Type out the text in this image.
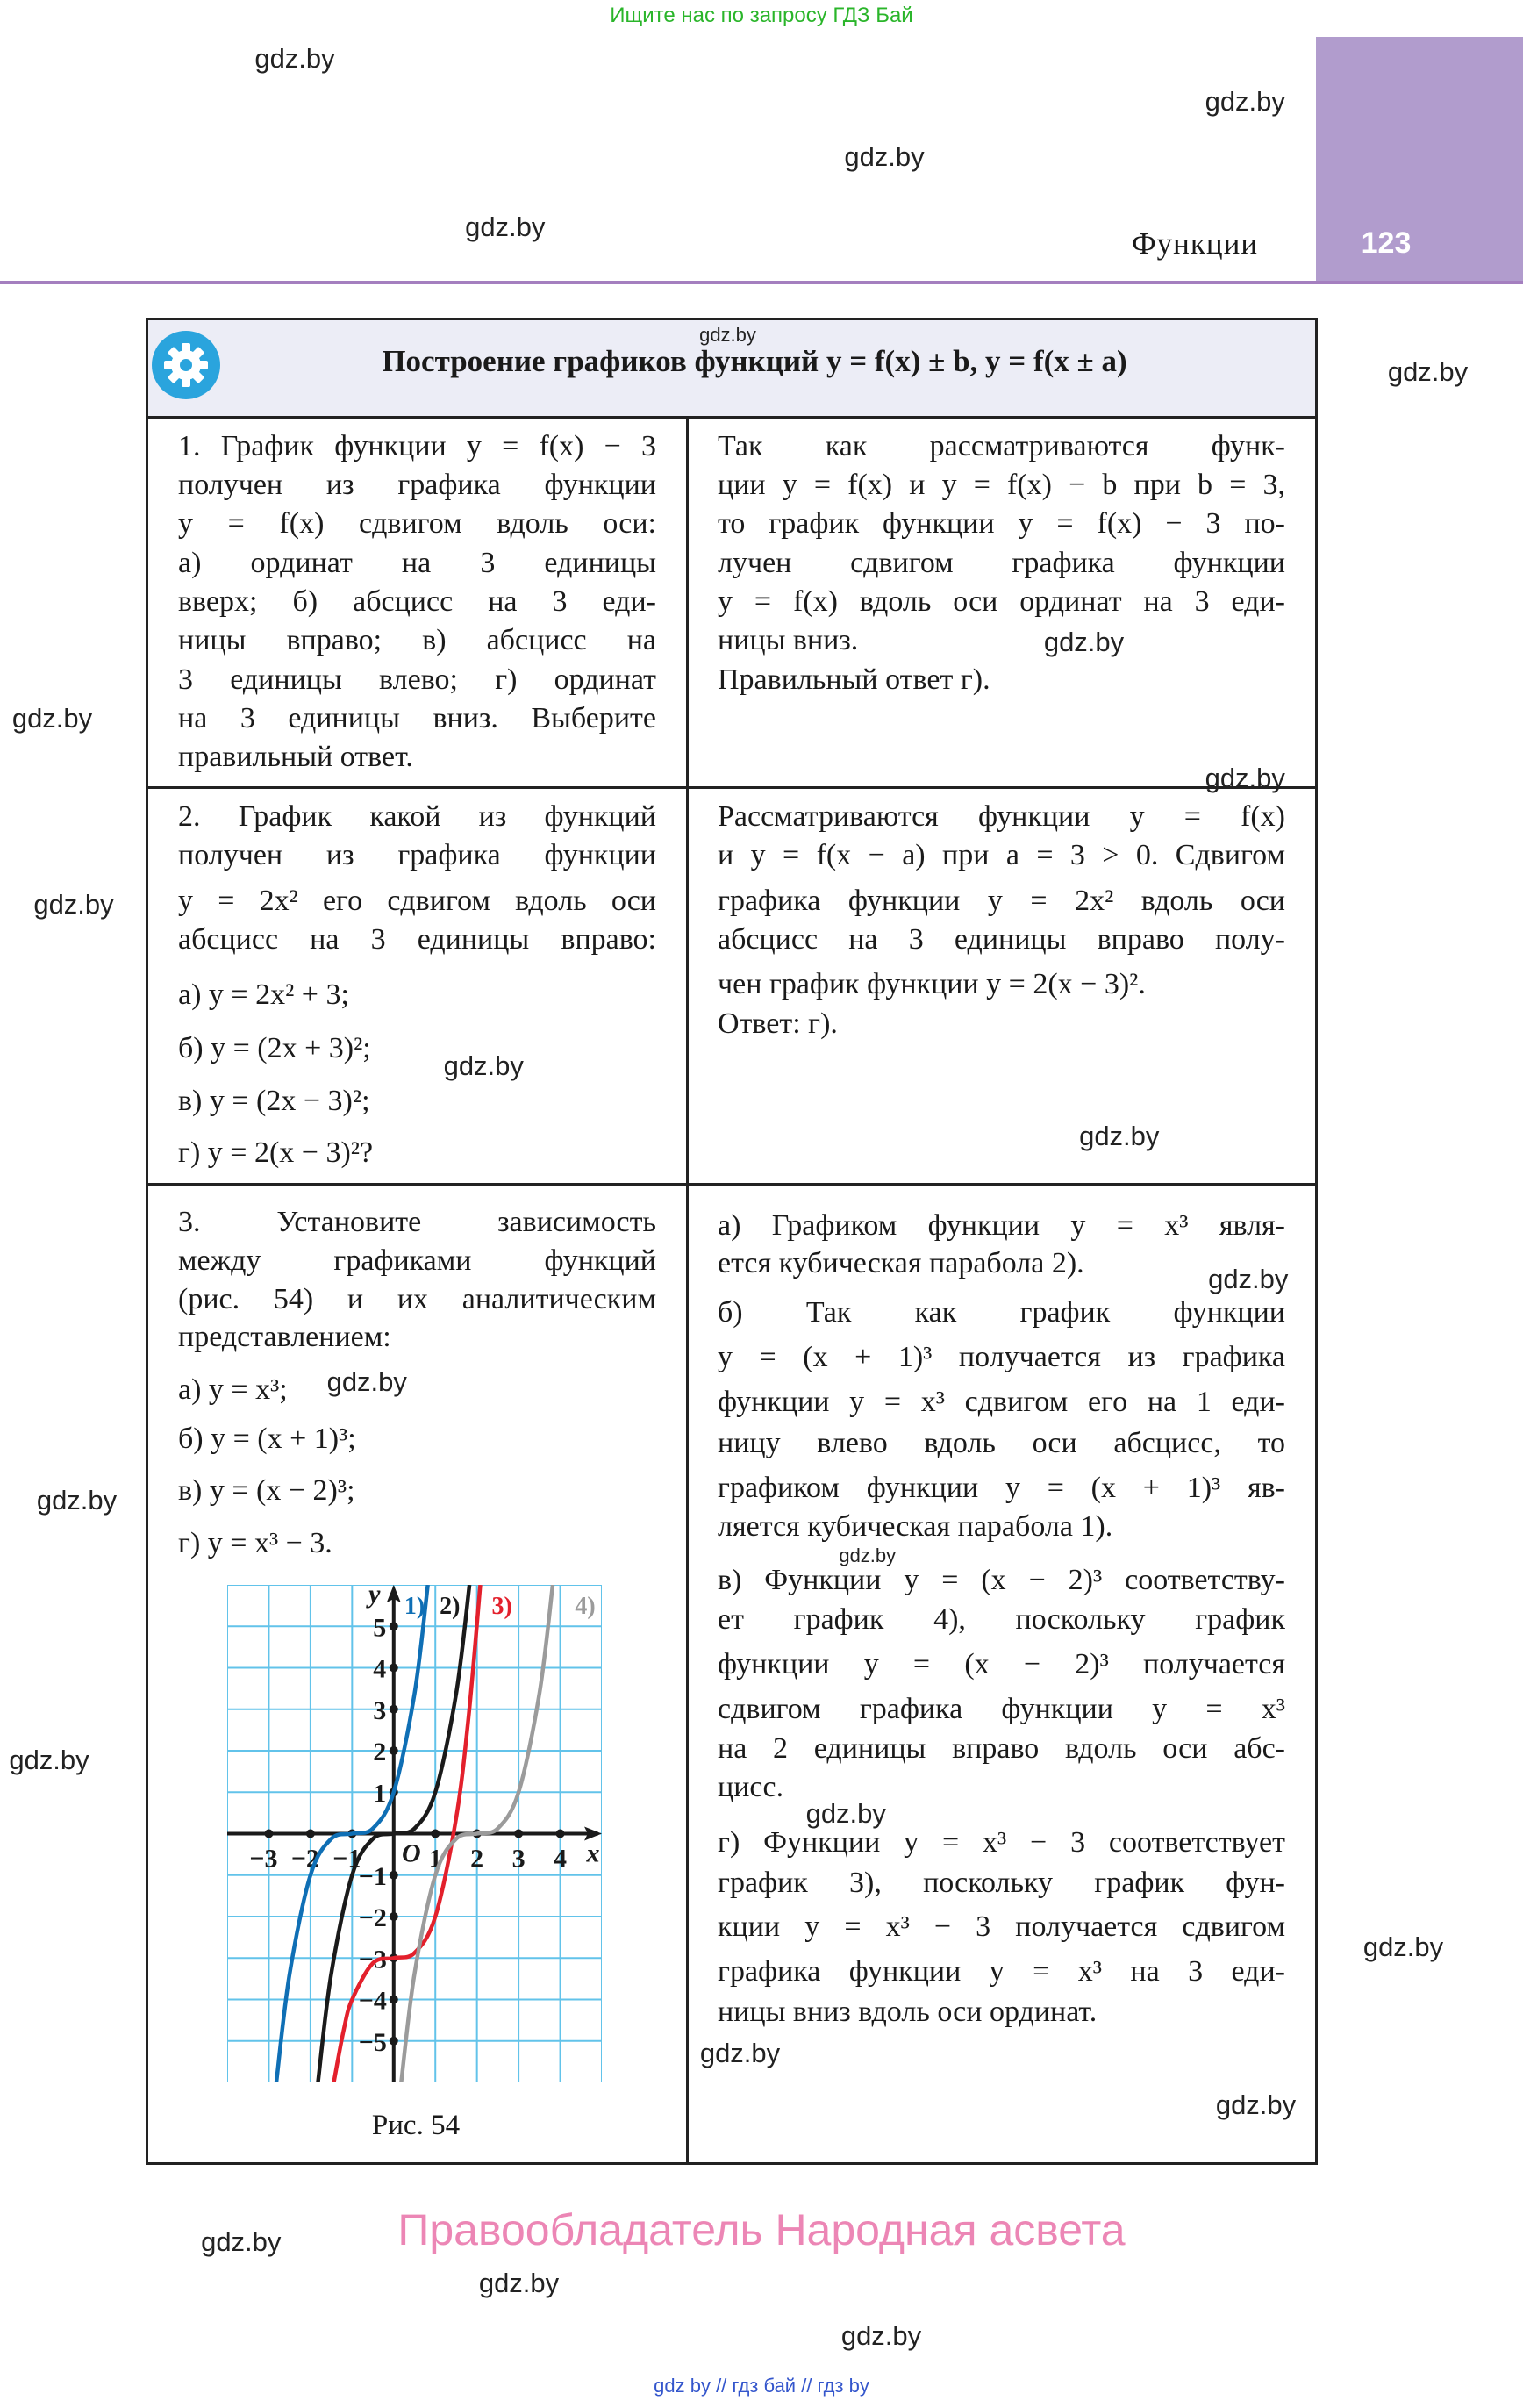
Ищите нас по запросу ГДЗ Бай
123
Функции
Построение графиков функций y = f(x) ± b, y = f(x ± a)
1. График функции y = f(x) − 3
получен из графика функции
y = f(x) сдвигом вдоль оси:
а) ординат на 3 единицы
вверх; б) абсцисс на 3 еди-
ницы вправо; в) абсцисс на
3 единицы влево; г) ординат
на 3 единицы вниз. Выберите
правильный ответ.
Так как рассматриваются функ-
ции y = f(x) и y = f(x) − b при b = 3,
то график функции y = f(x) − 3 по-
лучен сдвигом графика функции
y = f(x) вдоль оси ординат на 3 еди-
ницы вниз.
Правильный ответ г).
2. График какой из функций
получен из графика функции
y = 2x² его сдвигом вдоль оси
абсцисс на 3 единицы вправо:
а) y = 2x² + 3;
б) y = (2x + 3)²;
в) y = (2x − 3)²;
г) y = 2(x − 3)²?
Рассматриваются функции y = f(x)
и y = f(x − a) при a = 3 > 0. Сдвигом
графика функции y = 2x² вдоль оси
абсцисс на 3 единицы вправо полу-
чен график функции y = 2(x − 3)².
Ответ: г).
3. Установите зависимость
между графиками функций
(рис. 54) и их аналитическим
представлением:
а) y = x³;
б) y = (x + 1)³;
в) y = (x − 2)³;
г) y = x³ − 3.
а) Графиком функции y = x³ явля-
ется кубическая парабола 2).
б) Так как график функции
y = (x + 1)³ получается из графика
функции y = x³ сдвигом его на 1 еди-
ницу влево вдоль оси абсцисс, то
графиком функции y = (x + 1)³ яв-
ляется кубическая парабола 1).
в) Функции y = (x − 2)³ соответству-
ет график 4), поскольку график
функции y = (x − 2)³ получается
сдвигом графика функции y = x³
на 2 единицы вправо вдоль оси абс-
цисс.
г) Функции y = x³ − 3 соответствует
график 3), поскольку график фун-
кции y = x³ − 3 получается сдвигом
графика функции y = x³ на 3 еди-
ницы вниз вдоль оси ординат.
−3 −2 −1	1 2 3 4
5
4
3
2
1
−1
−2
−3
−4
−5
O	x
y 1) 2) 3)	4)
Рис. 54
Правообладатель Народная асвета
gdz by // гдз бай // гдз by
gdz.by
gdz.by
gdz.by
gdz.by
gdz.by
gdz.by
gdz.by
gdz.by
gdz.by
gdz.by
gdz.by
gdz.by
gdz.by
gdz.by
gdz.by
gdz.by
gdz.by
gdz.by
gdz.by
gdz.by
gdz.by
gdz.by
gdz.by
gdz.by
